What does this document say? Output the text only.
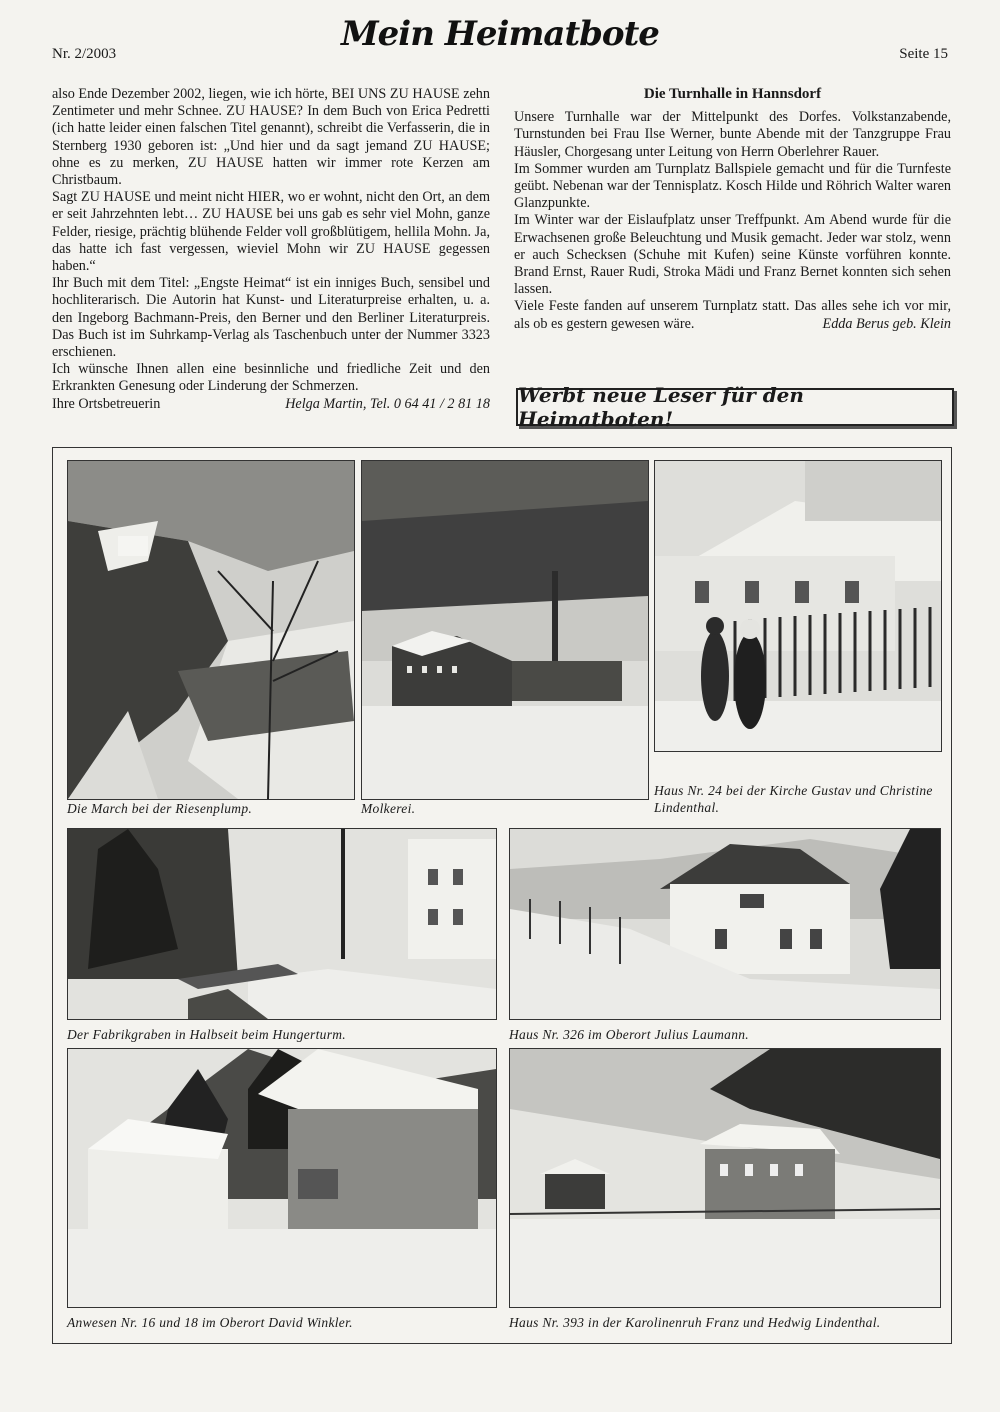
Nr. 2/2003	Mein Heimatbote	Seite 15

also Ende Dezember 2002, liegen, wie ich hörte, BEI UNS ZU HAUSE zehn Zentimeter und mehr Schnee. ZU HAUSE? In dem Buch von Erica Pedretti (ich hatte leider einen falschen Titel genannt), schreibt die Verfasserin, die in Sternberg 1930 geboren ist: „Und hier und da sagt jemand ZU HAUSE; ohne es zu merken, ZU HAUSE hatten wir immer rote Kerzen am Christbaum.

Sagt ZU HAUSE und meint nicht HIER, wo er wohnt, nicht den Ort, an dem er seit Jahrzehnten lebt… ZU HAUSE bei uns gab es sehr viel Mohn, ganze Felder, riesige, prächtig blühende Felder voll großblütigem, hellila Mohn. Ja, das hatte ich fast vergessen, wieviel Mohn wir ZU HAUSE gegessen haben.“

Ihr Buch mit dem Titel: „Engste Heimat“ ist ein inniges Buch, sensibel und hochliterarisch. Die Autorin hat Kunst- und Literaturpreise erhalten, u. a. den Ingeborg Bachmann-Preis, den Berner und den Berliner Literaturpreis. Das Buch ist im Suhrkamp-Verlag als Taschenbuch unter der Nummer 3323 erschienen.

Ich wünsche Ihnen allen eine besinnliche und friedliche Zeit und den Erkrankten Genesung oder Linderung der Schmerzen.

Ihre Ortsbetreuerin	Helga Martin, Tel. 0 64 41 / 2 81 18

Die Turnhalle in Hannsdorf

Unsere Turnhalle war der Mittelpunkt des Dorfes. Volkstanzabende, Turnstunden bei Frau Ilse Werner, bunte Abende mit der Tanzgruppe Frau Häusler, Chorgesang unter Leitung von Herrn Oberlehrer Rauer.

Im Sommer wurden am Turnplatz Ballspiele gemacht und für die Turnfeste geübt. Nebenan war der Tennisplatz. Kosch Hilde und Röhrich Walter waren Glanzpunkte.

Im Winter war der Eislaufplatz unser Treffpunkt. Am Abend wurde für die Erwachsenen große Beleuchtung und Musik gemacht. Jeder war stolz, wenn er auch Schecksen (Schuhe mit Kufen) seine Künste vorführen konnte. Brand Ernst, Rauer Rudi, Stroka Mädi und Franz Bernet konnten sich sehen lassen.

Viele Feste fanden auf unserem Turnplatz statt. Das alles sehe ich vor mir, als ob es gestern gewesen wäre.	Edda Berus geb. Klein

Werbt neue Leser für den Heimatboten!
Die March bei der Riesenplump.	Molkerei.
Haus Nr. 24 bei der Kirche Gustav und Christine Lindenthal.
Der Fabrikgraben in Halbseit beim Hungerturm.	Haus Nr. 326 im Oberort Julius Laumann.
Anwesen Nr. 16 und 18 im Oberort David Winkler.	Haus Nr. 393 in der Karolinenruh Franz und Hedwig Lindenthal.
